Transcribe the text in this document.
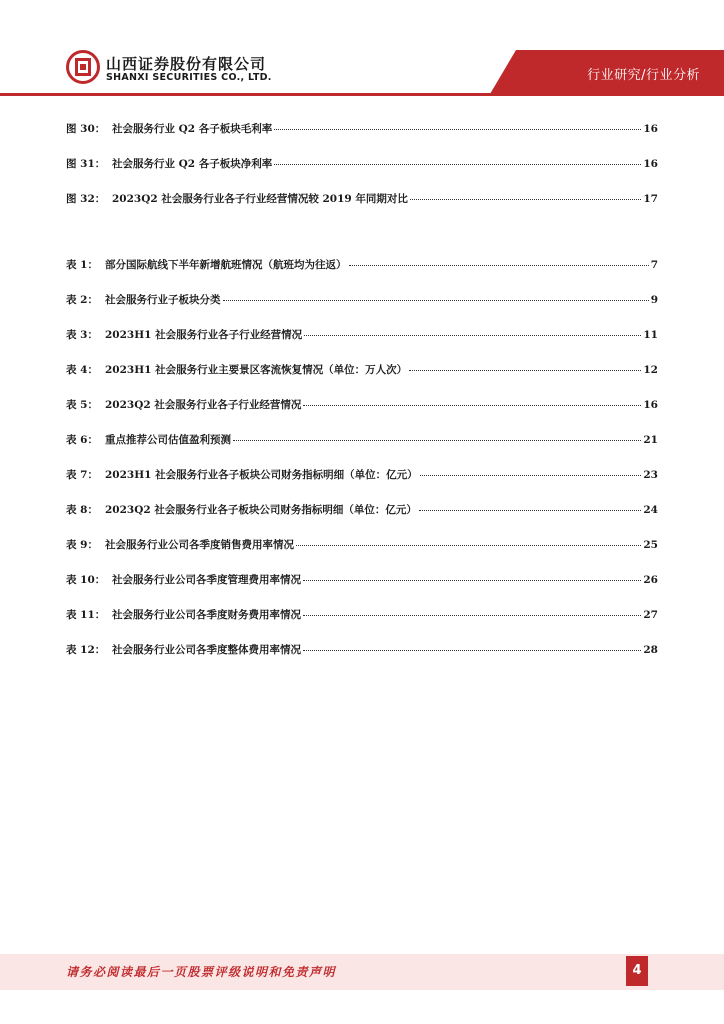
山西证券股份有限公司
SHANXI SECURITIES CO., LTD.	行业研究/行业分析
图 30： 社会服务行业 Q2 各子板块毛利率	16
图 31： 社会服务行业 Q2 各子板块净利率	16
图 32： 2023Q2 社会服务行业各子行业经营情况较 2019 年同期对比	17
表 1： 部分国际航线下半年新增航班情况（航班均为往返）	7
表 2： 社会服务行业子板块分类	9
表 3： 2023H1 社会服务行业各子行业经营情况	11
表 4： 2023H1 社会服务行业主要景区客流恢复情况（单位：万人次）	12
表 5： 2023Q2 社会服务行业各子行业经营情况	16
表 6： 重点推荐公司估值盈利预测	21
表 7： 2023H1 社会服务行业各子板块公司财务指标明细（单位：亿元）	23
表 8： 2023Q2 社会服务行业各子板块公司财务指标明细（单位：亿元）	24
表 9： 社会服务行业公司各季度销售费用率情况	25
表 10： 社会服务行业公司各季度管理费用率情况	26
表 11： 社会服务行业公司各季度财务费用率情况	27
表 12： 社会服务行业公司各季度整体费用率情况	28
请务必阅读最后一页股票评级说明和免责声明	4
